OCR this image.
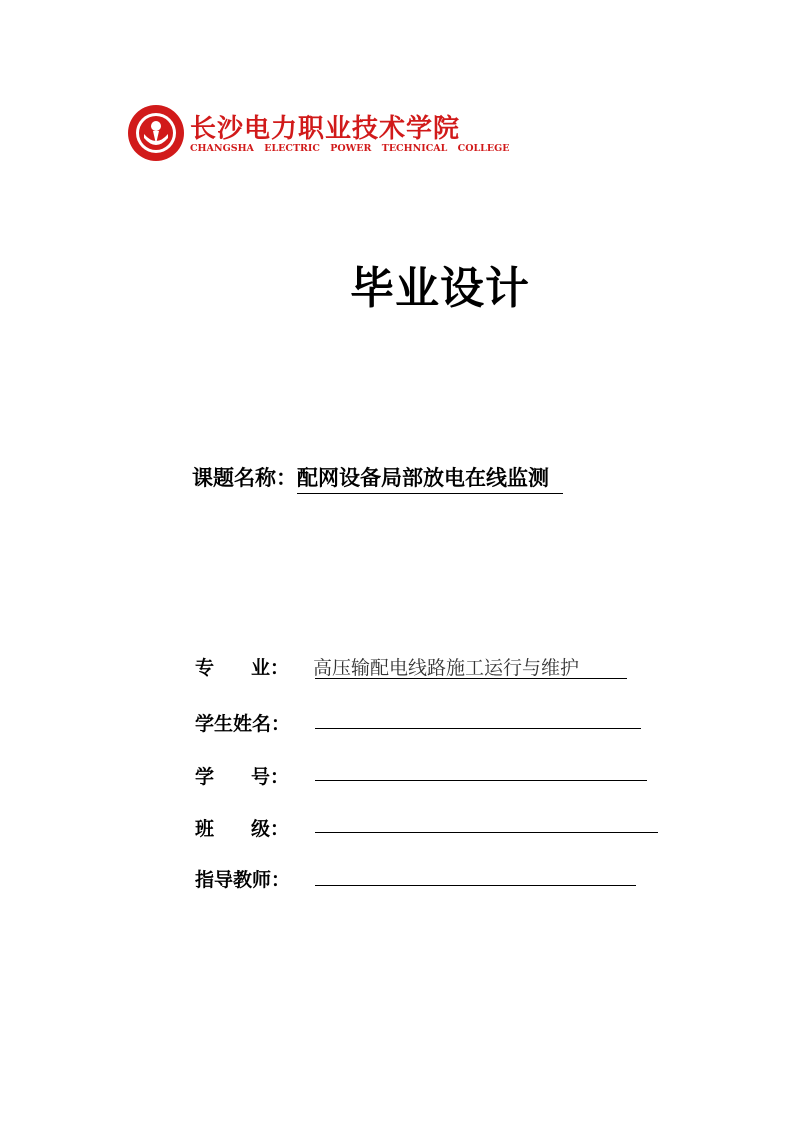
长沙电力职业技术学院
CHANGSHA ELECTRIC POWER TECHNICAL COLLEGE
毕业设计
课题名称：配网设备局部放电在线监测
专 业： 高压输配电线路施工运行与维护
学生姓名：
学 号：
班 级：
指导教师：
